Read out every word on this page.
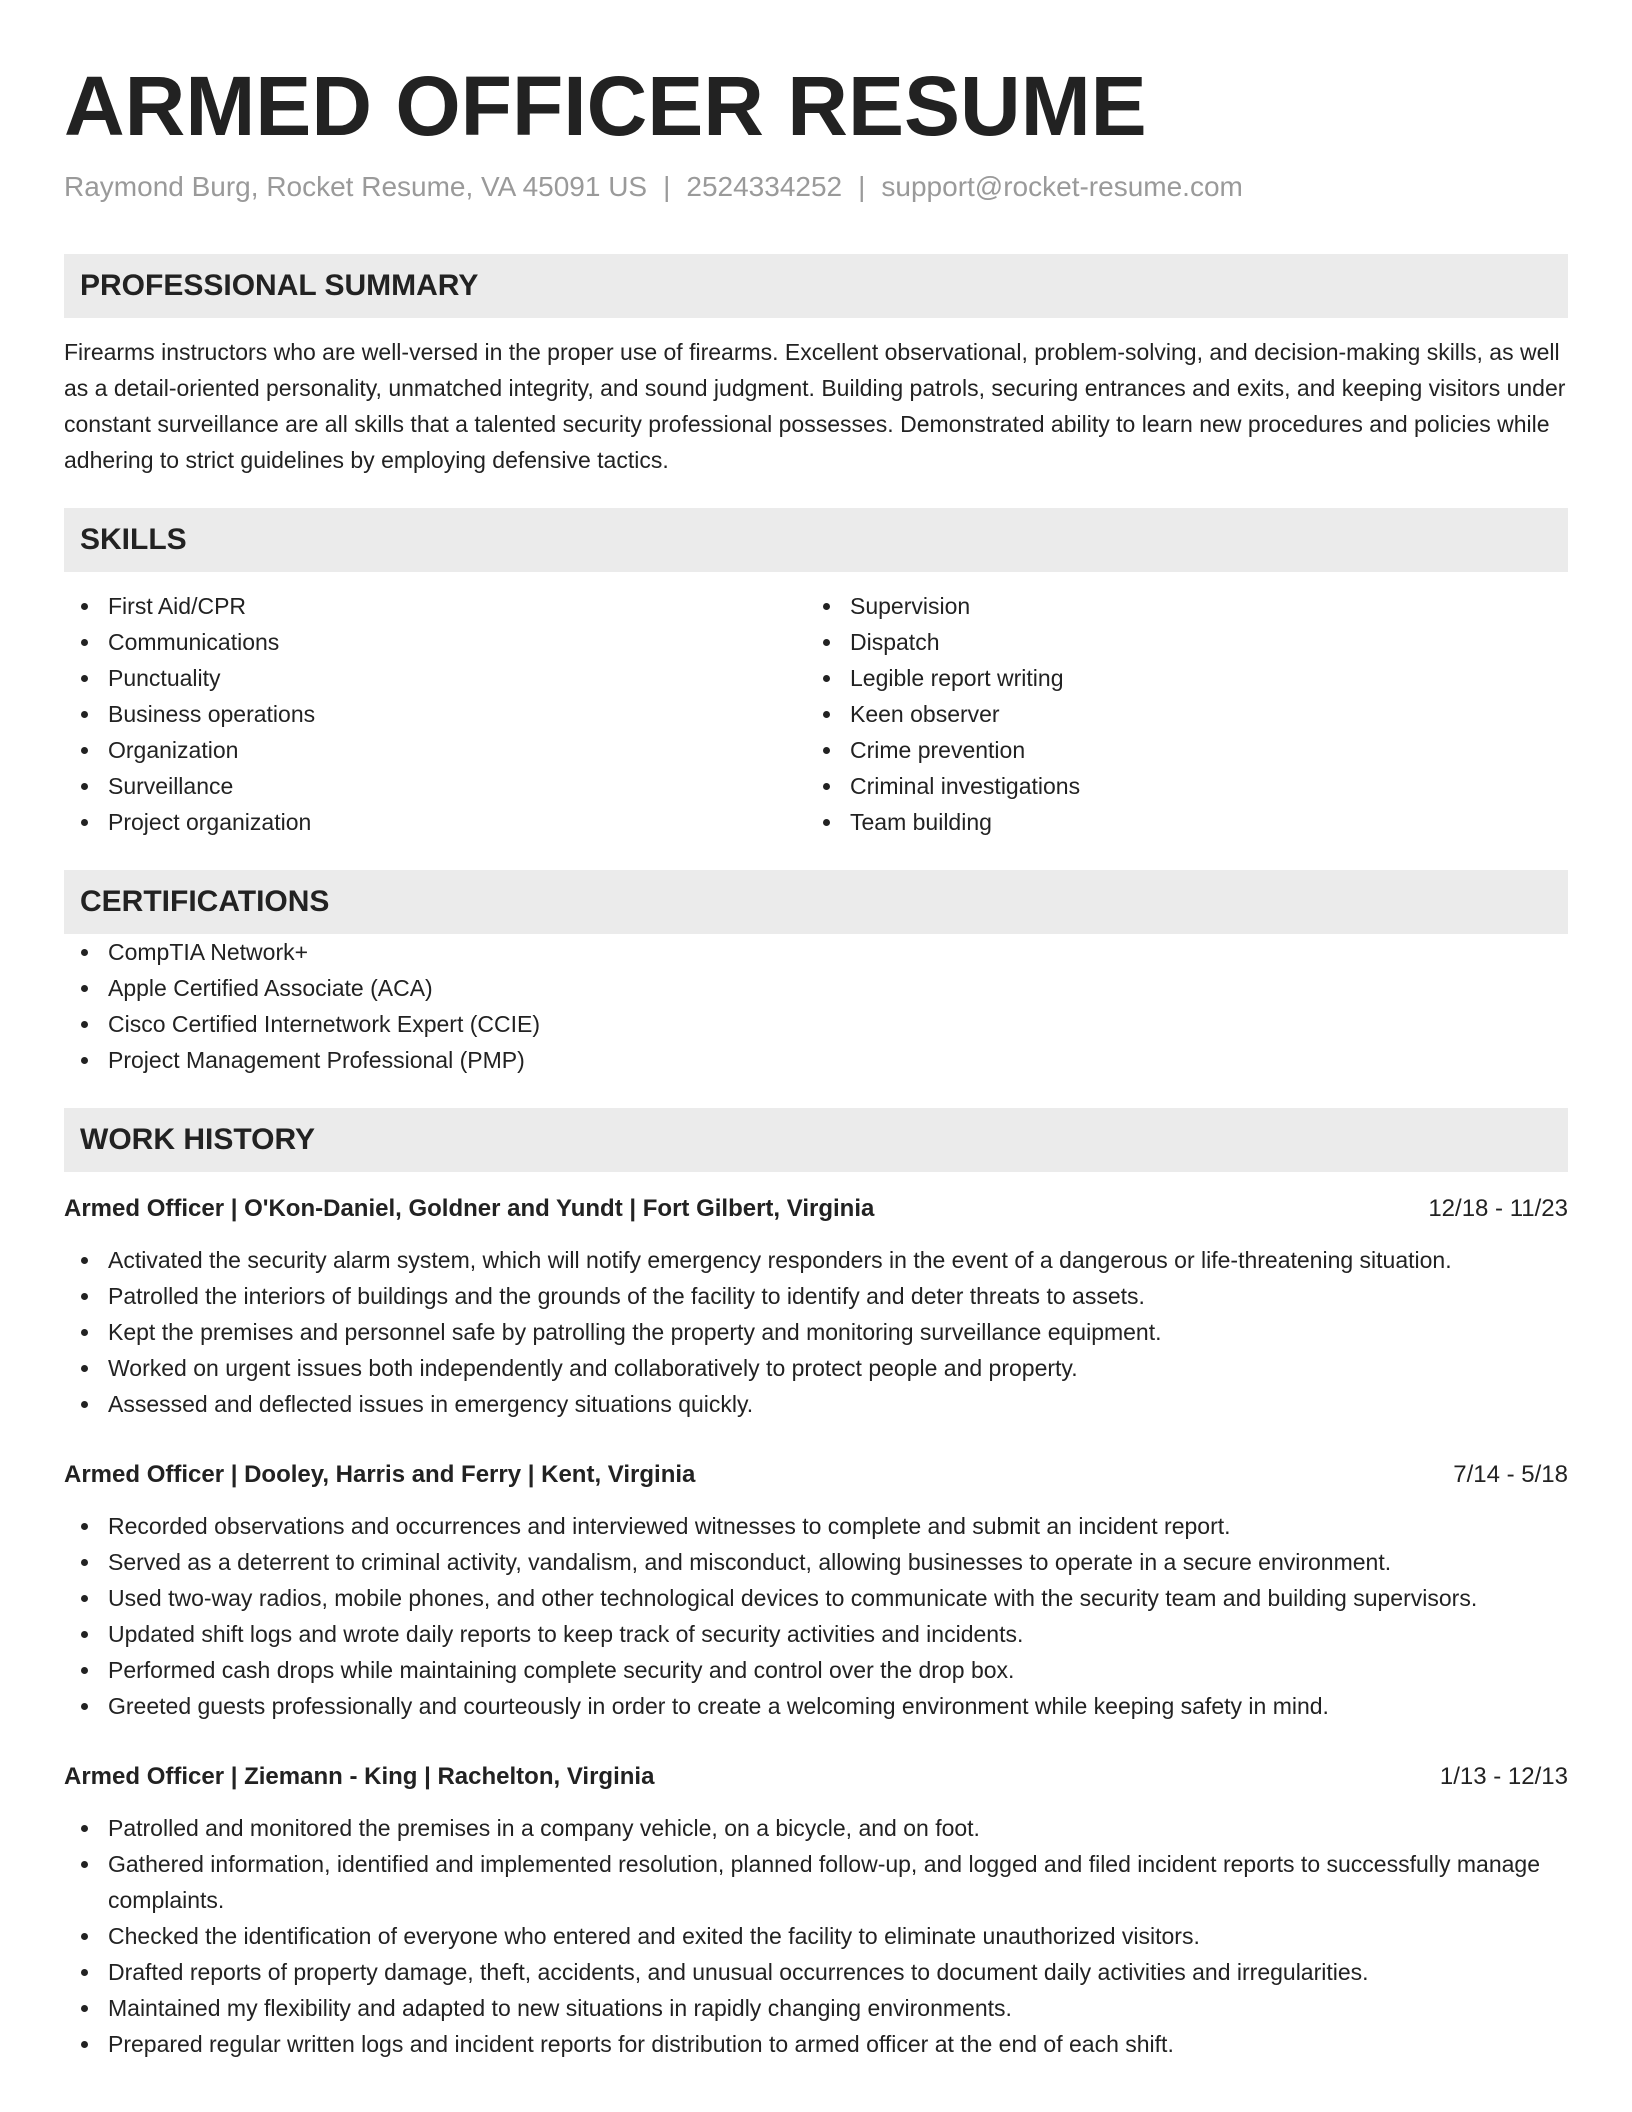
ARMED OFFICER RESUME
Raymond Burg, Rocket Resume, VA 45091 US | 2524334252 | support@rocket-resume.com
PROFESSIONAL SUMMARY
Firearms instructors who are well-versed in the proper use of firearms. Excellent observational, problem-solving, and decision-making skills, as well as a detail-oriented personality, unmatched integrity, and sound judgment. Building patrols, securing entrances and exits, and keeping visitors under constant surveillance are all skills that a talented security professional possesses. Demonstrated ability to learn new procedures and policies while adhering to strict guidelines by employing defensive tactics.
SKILLS
First Aid/CPR
Communications
Punctuality
Business operations
Organization
Surveillance
Project organization
Supervision
Dispatch
Legible report writing
Keen observer
Crime prevention
Criminal investigations
Team building
CERTIFICATIONS
CompTIA Network+
Apple Certified Associate (ACA)
Cisco Certified Internetwork Expert (CCIE)
Project Management Professional (PMP)
WORK HISTORY
Armed Officer | O'Kon-Daniel, Goldner and Yundt | Fort Gilbert, Virginia	12/18 - 11/23
Activated the security alarm system, which will notify emergency responders in the event of a dangerous or life-threatening situation.
Patrolled the interiors of buildings and the grounds of the facility to identify and deter threats to assets.
Kept the premises and personnel safe by patrolling the property and monitoring surveillance equipment.
Worked on urgent issues both independently and collaboratively to protect people and property.
Assessed and deflected issues in emergency situations quickly.
Armed Officer | Dooley, Harris and Ferry | Kent, Virginia	7/14 - 5/18
Recorded observations and occurrences and interviewed witnesses to complete and submit an incident report.
Served as a deterrent to criminal activity, vandalism, and misconduct, allowing businesses to operate in a secure environment.
Used two-way radios, mobile phones, and other technological devices to communicate with the security team and building supervisors.
Updated shift logs and wrote daily reports to keep track of security activities and incidents.
Performed cash drops while maintaining complete security and control over the drop box.
Greeted guests professionally and courteously in order to create a welcoming environment while keeping safety in mind.
Armed Officer | Ziemann - King | Rachelton, Virginia	1/13 - 12/13
Patrolled and monitored the premises in a company vehicle, on a bicycle, and on foot.
Gathered information, identified and implemented resolution, planned follow-up, and logged and filed incident reports to successfully manage complaints.
Checked the identification of everyone who entered and exited the facility to eliminate unauthorized visitors.
Drafted reports of property damage, theft, accidents, and unusual occurrences to document daily activities and irregularities.
Maintained my flexibility and adapted to new situations in rapidly changing environments.
Prepared regular written logs and incident reports for distribution to armed officer at the end of each shift.
